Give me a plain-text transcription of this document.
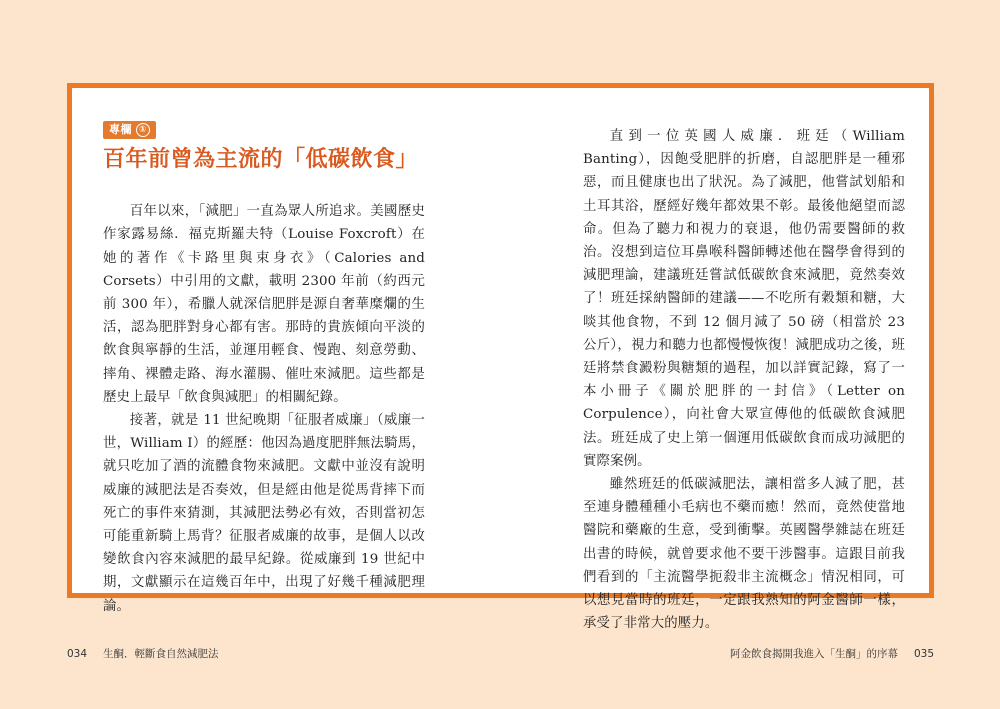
專欄 ①
百年前曾為主流的「低碳飲食」

百年以來，「減肥」一直為眾人所追求。美國歷史作家露易絲．福克斯羅夫特（Louise Foxcroft）在她的著作《卡路里與束身衣》（Calories and Corsets）中引用的文獻，載明 2300 年前（約西元前 300 年），希臘人就深信肥胖是源自奢華糜爛的生活，認為肥胖對身心都有害。那時的貴族傾向平淡的飲食與寧靜的生活，並運用輕食、慢跑、刻意勞動、摔角、裸體走路、海水灌腸、催吐來減肥。這些都是歷史上最早「飲食與減肥」的相關紀錄。

接著，就是 11 世紀晚期「征服者威廉」（威廉一世，William I）的經歷：他因為過度肥胖無法騎馬，就只吃加了酒的流體食物來減肥。文獻中並沒有說明威廉的減肥法是否奏效，但是經由他是從馬背摔下而死亡的事件來猜測，其減肥法勢必有效，否則當初怎可能重新騎上馬背？征服者威廉的故事，是個人以改變飲食內容來減肥的最早紀錄。從威廉到 19 世紀中期，文獻顯示在這幾百年中，出現了好幾千種減肥理論。

直到一位英國人威廉．班廷（William Banting），因飽受肥胖的折磨，自認肥胖是一種邪惡，而且健康也出了狀況。為了減肥，他嘗試划船和土耳其浴，歷經好幾年都效果不彰。最後他絕望而認命。但為了聽力和視力的衰退，他仍需要醫師的救治。沒想到這位耳鼻喉科醫師轉述他在醫學會得到的減肥理論，建議班廷嘗試低碳飲食來減肥，竟然奏效了！班廷採納醫師的建議——不吃所有穀類和糖，大啖其他食物，不到 12 個月減了 50 磅（相當於 23 公斤），視力和聽力也都慢慢恢復！減肥成功之後，班廷將禁食澱粉與糖類的過程，加以詳實記錄，寫了一本小冊子《關於肥胖的一封信》（Letter on Corpulence），向社會大眾宣傳他的低碳飲食減肥法。班廷成了史上第一個運用低碳飲食而成功減肥的實際案例。

雖然班廷的低碳減肥法，讓相當多人減了肥，甚至連身體種種小毛病也不藥而癒！然而，竟然使當地醫院和藥廠的生意，受到衝擊。英國醫學雜誌在班廷出書的時候，就曾要求他不要干涉醫事。這跟目前我們看到的「主流醫學扼殺非主流概念」情況相同，可以想見當時的班廷，一定跟我熟知的阿金醫師一樣，承受了非常大的壓力。

034 生酮．輕斷食自然減肥法	阿金飲食揭開我進入「生酮」的序幕 035
